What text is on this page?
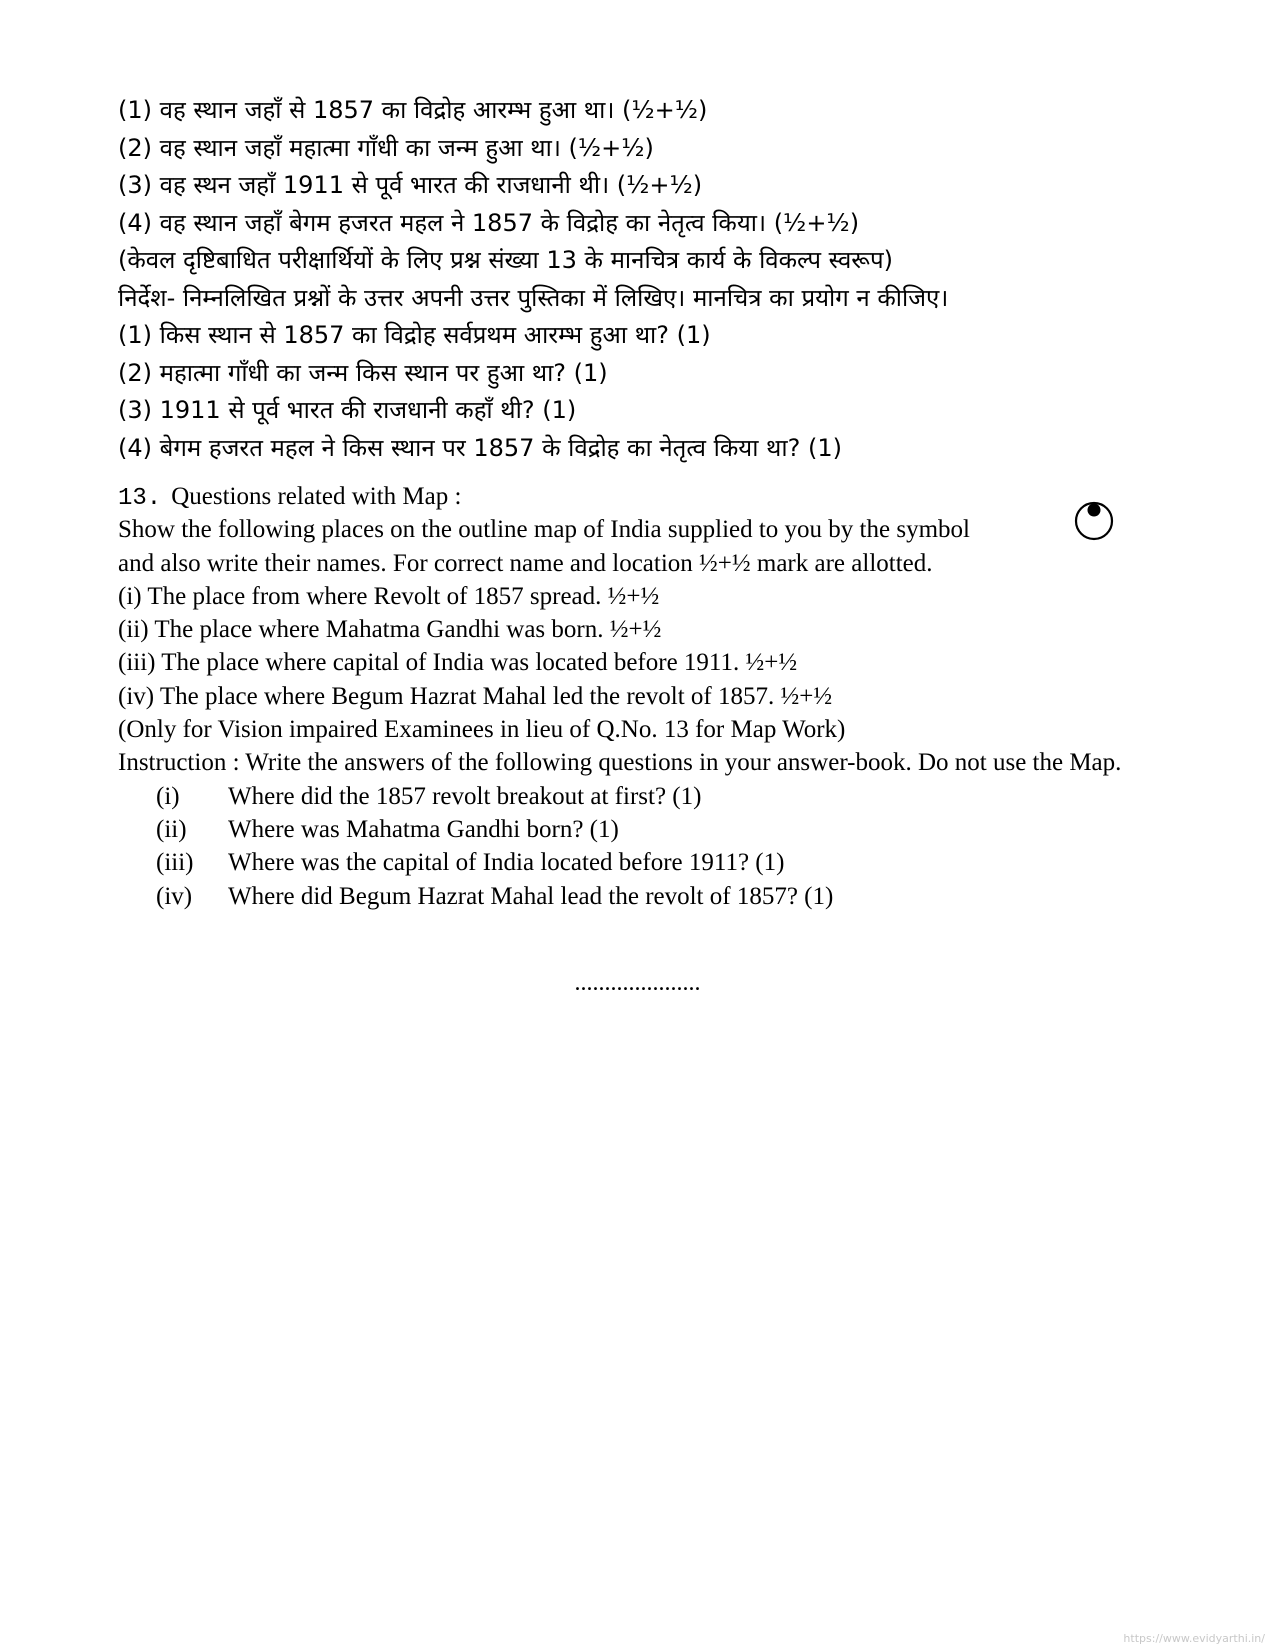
(1) वह स्थान जहाँ से 1857 का विद्रोह आरम्भ हुआ था। (½+½)
(2) वह स्थान जहाँ महात्मा गाँधी का जन्म हुआ था। (½+½)
(3) वह स्थन जहाँ 1911 से पूर्व भारत की राजधानी थी। (½+½)
(4) वह स्थान जहाँ बेगम हजरत महल ने 1857 के विद्रोह का नेतृत्व किया। (½+½)
(केवल दृष्टिबाधित परीक्षार्थियों के लिए प्रश्न संख्या 13 के मानचित्र कार्य के विकल्प स्वरूप)
निर्देश- निम्नलिखित प्रश्नों के उत्तर अपनी उत्तर पुस्तिका में लिखिए। मानचित्र का प्रयोग न कीजिए।
(1) किस स्थान से 1857 का विद्रोह सर्वप्रथम आरम्भ हुआ था? (1)
(2) महात्मा गाँधी का जन्म किस स्थान पर हुआ था? (1)
(3) 1911 से पूर्व भारत की राजधानी कहाँ थी? (1)
(4) बेगम हजरत महल ने किस स्थान पर 1857 के विद्रोह का नेतृत्व किया था? (1)
13. Questions related with Map :
Show the following places on the outline map of India supplied to you by the symbol
and also write their names. For correct name and location ½+½ mark are allotted.
(i) The place from where Revolt of 1857 spread. ½+½
(ii) The place where Mahatma Gandhi was born. ½+½
(iii) The place where capital of India was located before 1911. ½+½
(iv) The place where Begum Hazrat Mahal led the revolt of 1857. ½+½
(Only for Vision impaired Examinees in lieu of Q.No. 13 for Map Work)
Instruction : Write the answers of the following questions in your answer-book. Do not use the Map.
(i) Where did the 1857 revolt breakout at first? (1)
(ii) Where was Mahatma Gandhi born? (1)
(iii) Where was the capital of India located before 1911? (1)
(iv) Where did Begum Hazrat Mahal lead the revolt of 1857? (1)
.....................
https://www.evidyarthi.in/
